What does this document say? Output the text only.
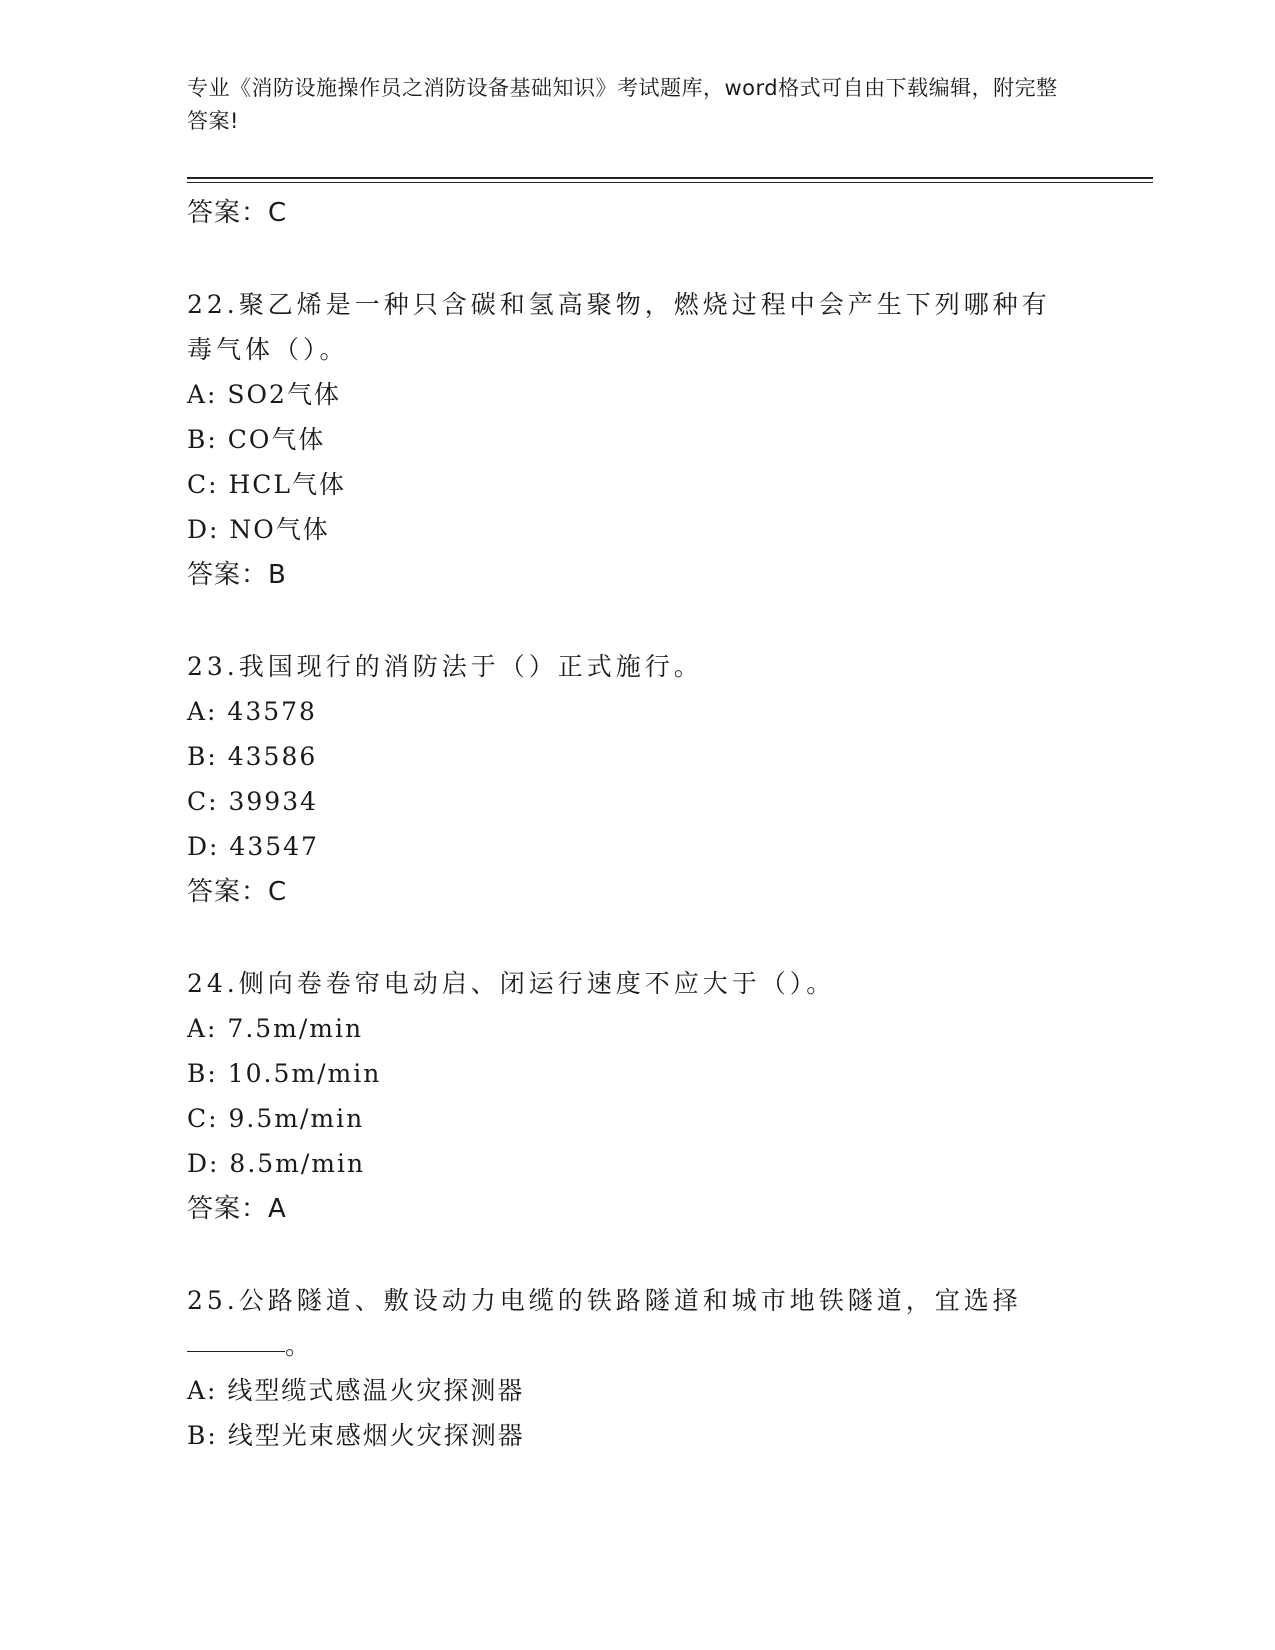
专业《消防设施操作员之消防设备基础知识》考试题库，word格式可自由下载编辑，附完整答案!
答案：C
22.聚乙烯是一种只含碳和氢高聚物，燃烧过程中会产生下列哪种有毒气体（）。
A: SO2气体
B: CO气体
C: HCL气体
D: NO气体
答案：B
23.我国现行的消防法于（）正式施行。
A: 43578
B: 43586
C: 39934
D: 43547
答案：C
24.侧向卷卷帘电动启、闭运行速度不应大于（）。
A: 7.5m/min
B: 10.5m/min
C: 9.5m/min
D: 8.5m/min
答案：A
25.公路隧道、敷设动力电缆的铁路隧道和城市地铁隧道，宜选择
。
A: 线型缆式感温火灾探测器
B: 线型光束感烟火灾探测器
